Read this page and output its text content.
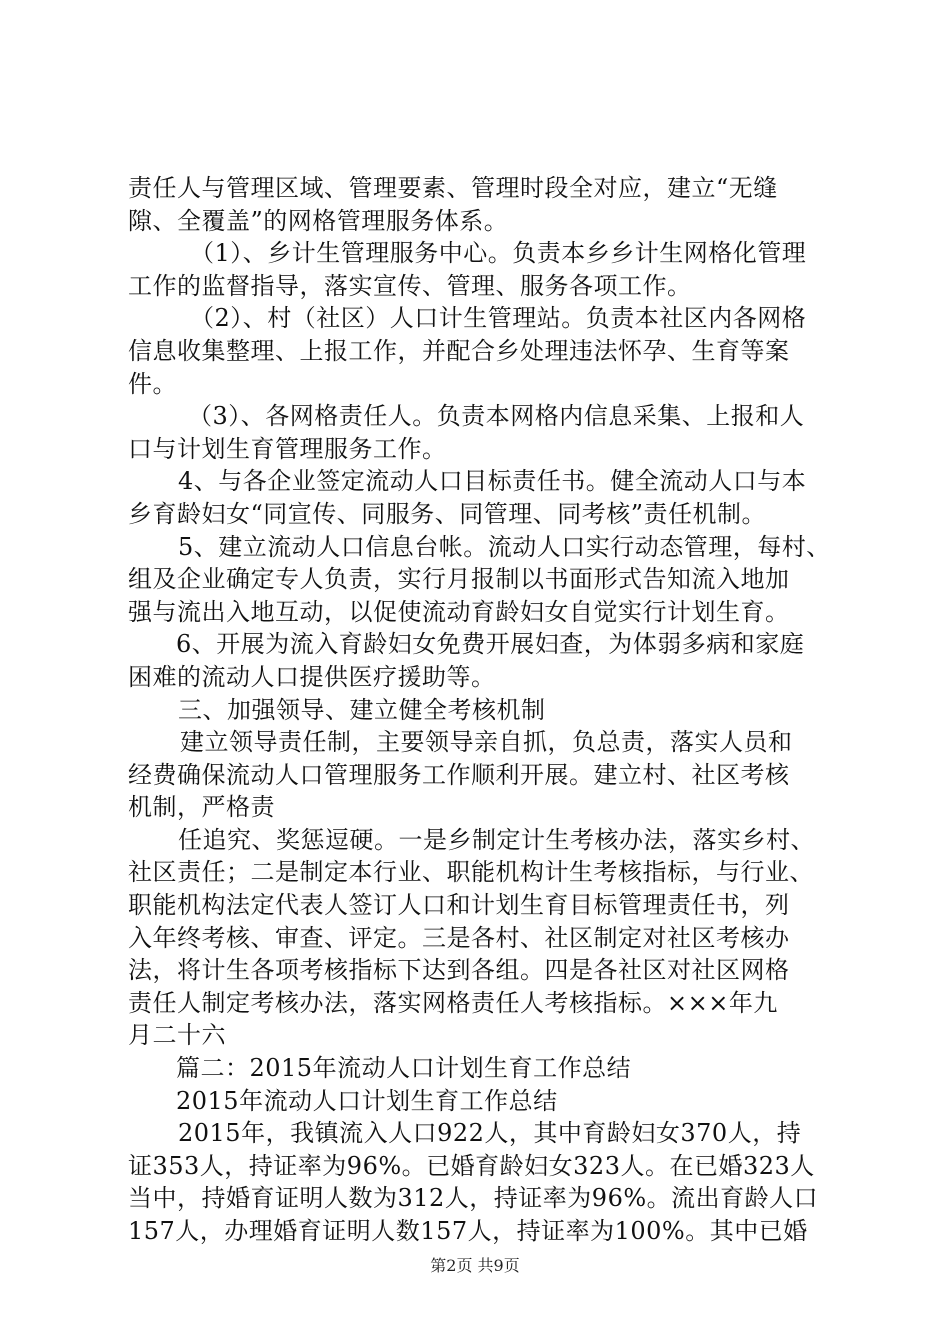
责任人与管理区域、管理要素、管理时段全对应，建立“无缝
隙、全覆盖”的网格管理服务体系。
（1）、乡计生管理服务中心。负责本乡乡计生网格化管理
工作的监督指导，落实宣传、管理、服务各项工作。
（2）、村（社区）人口计生管理站。负责本社区内各网格
信息收集整理、上报工作，并配合乡处理违法怀孕、生育等案
件。
（3）、各网格责任人。负责本网格内信息采集、上报和人
口与计划生育管理服务工作。
4、与各企业签定流动人口目标责任书。健全流动人口与本
乡育龄妇女“同宣传、同服务、同管理、同考核”责任机制。
5、建立流动人口信息台帐。流动人口实行动态管理，每村、
组及企业确定专人负责，实行月报制以书面形式告知流入地加
强与流出入地互动，以促使流动育龄妇女自觉实行计划生育。
6、开展为流入育龄妇女免费开展妇查，为体弱多病和家庭
困难的流动人口提供医疗援助等。
三、加强领导、建立健全考核机制
建立领导责任制，主要领导亲自抓，负总责，落实人员和
经费确保流动人口管理服务工作顺利开展。建立村、社区考核
机制，严格责
任追究、奖惩逗硬。一是乡制定计生考核办法，落实乡村、
社区责任；二是制定本行业、职能机构计生考核指标，与行业、
职能机构法定代表人签订人口和计划生育目标管理责任书，列
入年终考核、审查、评定。三是各村、社区制定对社区考核办
法，将计生各项考核指标下达到各组。四是各社区对社区网格
责任人制定考核办法，落实网格责任人考核指标。×××年九
月二十六
篇二：2015年流动人口计划生育工作总结
2015年流动人口计划生育工作总结
2015年，我镇流入人口922人，其中育龄妇女370人，持
证353人，持证率为96%。已婚育龄妇女323人。在已婚323人
当中，持婚育证明人数为312人，持证率为96%。流出育龄人口
157人，办理婚育证明人数157人，持证率为100%。其中已婚
第2页 共9页
